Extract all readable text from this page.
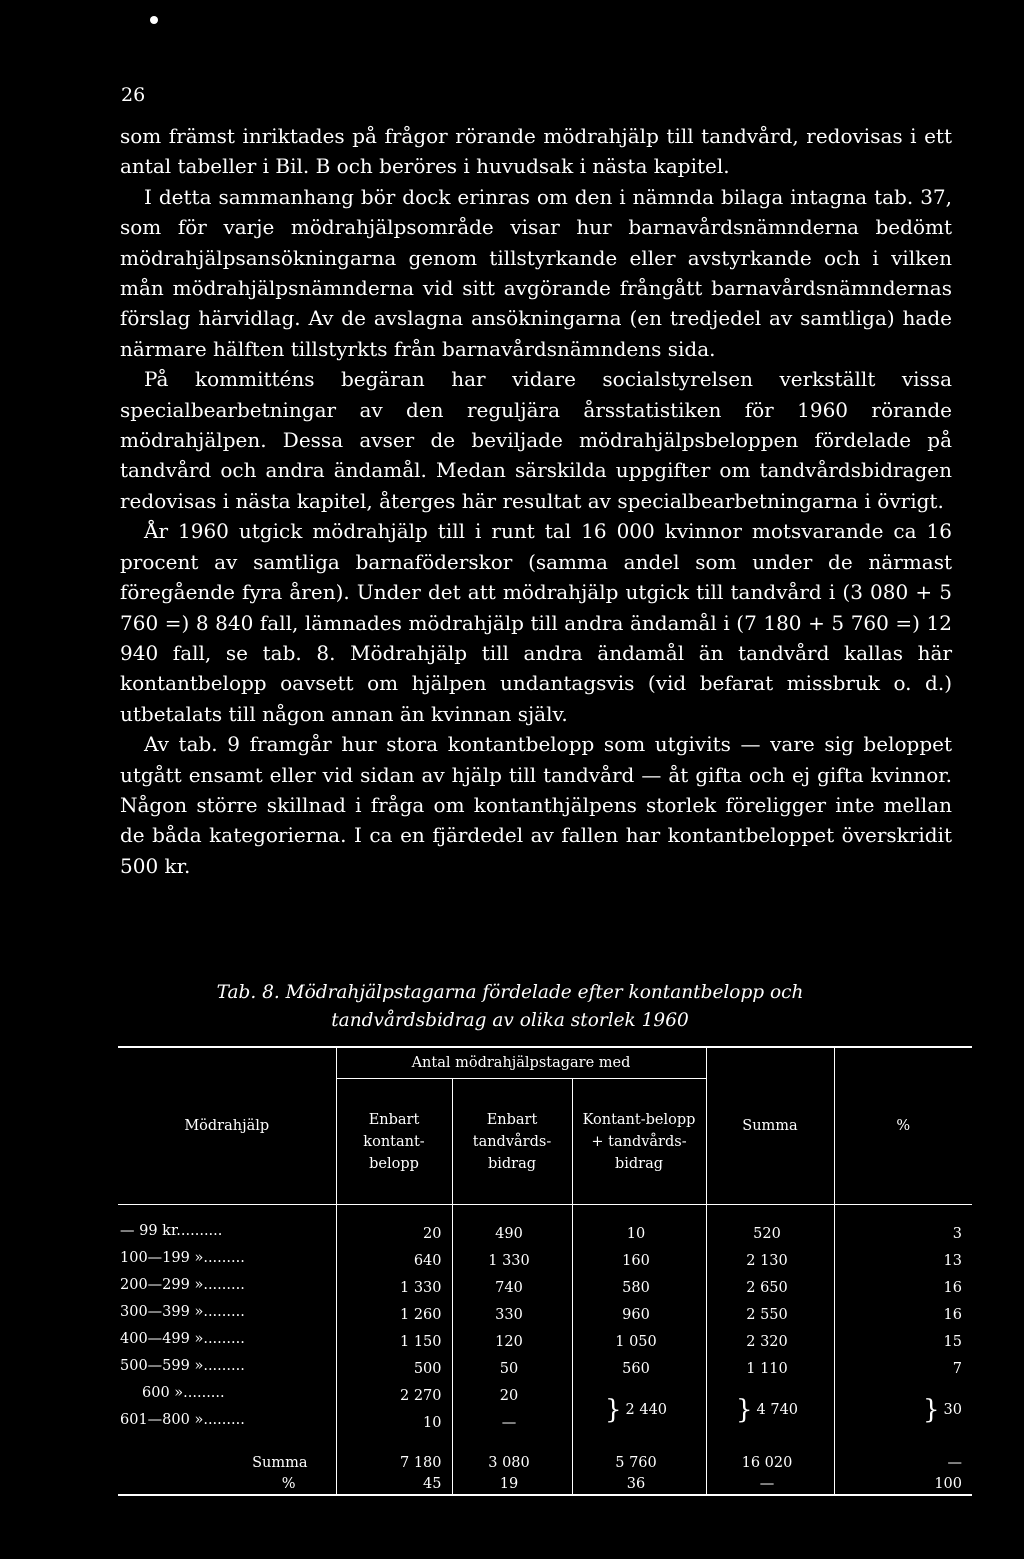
26

som främst inriktades på frågor rörande mödrahjälp till tandvård, redovisas i ett antal tabeller i Bil. B och beröres i huvudsak i nästa kapitel.

I detta sammanhang bör dock erinras om den i nämnda bilaga intagna tab. 37, som för varje mödrahjälpsområde visar hur barnavårdsnämnderna bedömt mödrahjälpsansökningarna genom tillstyrkande eller avstyrkande och i vilken mån mödrahjälpsnämnderna vid sitt avgörande frångått barnavårdsnämndernas förslag härvidlag. Av de avslagna ansökningarna (en tredjedel av samtliga) hade närmare hälften tillstyrkts från barnavårdsnämndens sida.

På kommitténs begäran har vidare socialstyrelsen verkställt vissa specialbearbetningar av den reguljära årsstatistiken för 1960 rörande mödrahjälpen. Dessa avser de beviljade mödrahjälpsbeloppen fördelade på tandvård och andra ändamål. Medan särskilda uppgifter om tandvårdsbidragen redovisas i nästa kapitel, återges här resultat av specialbearbetningarna i övrigt.

År 1960 utgick mödrahjälp till i runt tal 16 000 kvinnor motsvarande ca 16 procent av samtliga barnaföderskor (samma andel som under de närmast föregående fyra åren). Under det att mödrahjälp utgick till tandvård i (3 080 + 5 760 =) 8 840 fall, lämnades mödrahjälp till andra ändamål i (7 180 + 5 760 =) 12 940 fall, se tab. 8. Mödrahjälp till andra ändamål än tandvård kallas här kontantbelopp oavsett om hjälpen undantagsvis (vid befarat missbruk o. d.) utbetalats till någon annan än kvinnan själv.

Av tab. 9 framgår hur stora kontantbelopp som utgivits — vare sig beloppet utgått ensamt eller vid sidan av hjälp till tandvård — åt gifta och ej gifta kvinnor. Någon större skillnad i fråga om kontanthjälpens storlek föreligger inte mellan de båda kategorierna. I ca en fjärdedel av fallen har kontantbeloppet överskridit 500 kr.

Tab. 8. Mödrahjälpstagarna fördelade efter kontantbelopp och
tandvårdsbidrag av olika storlek 1960

Mödrahjälp	Antal mödrahjälpstagare med			Summa	%
	Enbart kontant-belopp	Enbart tandvårds-bidrag	Kontant-belopp + tandvårds-bidrag		

— 99 kr..........	20	490	10	520	3
100—199 ».........	640	1 330	160	2 130	13
200—299 ».........	1 330	740	580	2 650	16
300—399 ».........	1 260	330	960	2 550	16
400—499 ».........	1 150	120	1 050	2 320	15
500—599 ».........	500	50	560	1 110	7
600 ».........	2 270	20	} 2 440	} 4 740	} 30
601—800 ».........	10	—			

Summa	7 180	3 080	5 760	16 020	—
%	45	19	36	—	100
